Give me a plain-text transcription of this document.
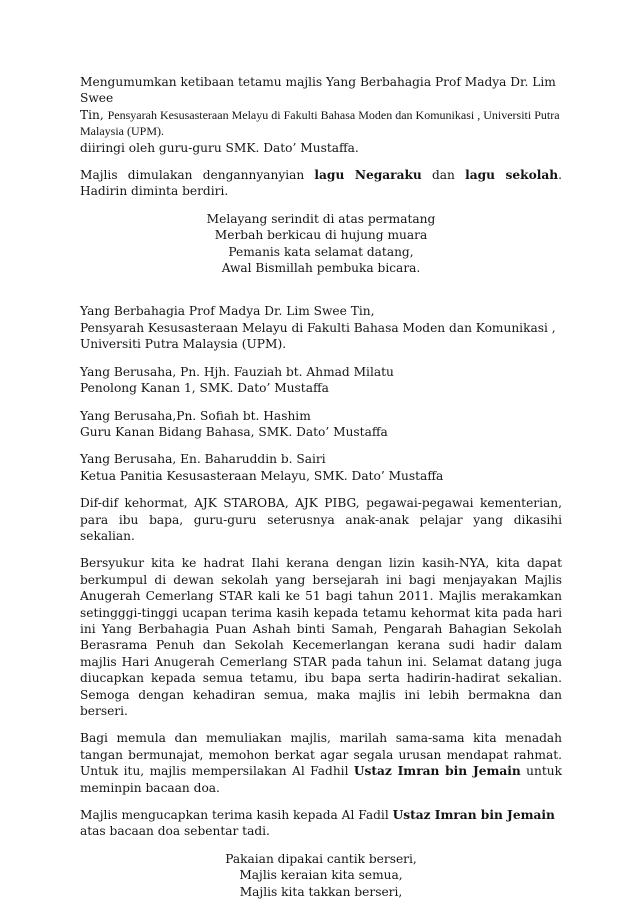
Mengumumkan ketibaan tetamu majlis Yang Berbahagia Prof Madya Dr. Lim Swee
Tin, Pensyarah Kesusasteraan Melayu di Fakulti Bahasa Moden dan Komunikasi , Universiti Putra Malaysia (UPM).
diiringi oleh guru-guru SMK. Dato’ Mustaffa.
Majlis dimulakan dengannyanyian lagu Negaraku dan lagu sekolah. Hadirin diminta berdiri.
Melayang serindit di atas permatang
Merbah berkicau di hujung muara
Pemanis kata selamat datang,
Awal Bismillah pembuka bicara.
Yang Berbahagia Prof Madya Dr. Lim Swee Tin,
Pensyarah Kesusasteraan Melayu di Fakulti Bahasa Moden dan Komunikasi ,
Universiti Putra Malaysia (UPM).
Yang Berusaha, Pn. Hjh. Fauziah bt. Ahmad Milatu
Penolong Kanan 1, SMK. Dato’ Mustaffa
Yang Berusaha,Pn. Sofiah bt. Hashim
Guru Kanan Bidang Bahasa, SMK. Dato’ Mustaffa
Yang Berusaha, En. Baharuddin b. Sairi
Ketua Panitia Kesusasteraan Melayu, SMK. Dato’ Mustaffa
Dif-dif kehormat, AJK STAROBA, AJK PIBG, pegawai-pegawai kementerian, para ibu bapa, guru-guru seterusnya anak-anak pelajar yang dikasihi sekalian.
Bersyukur kita ke hadrat Ilahi kerana dengan lizin kasih-NYA, kita dapat berkumpul di dewan sekolah yang bersejarah ini bagi menjayakan Majlis Anugerah Cemerlang STAR kali ke 51 bagi tahun 2011. Majlis merakamkan setingggi-tinggi ucapan terima kasih kepada tetamu kehormat kita pada hari ini Yang Berbahagia Puan Ashah binti Samah, Pengarah Bahagian Sekolah Berasrama Penuh dan Sekolah Kecemerlangan kerana sudi hadir dalam majlis Hari Anugerah Cemerlang STAR pada tahun ini. Selamat datang juga diucapkan kepada semua tetamu, ibu bapa serta hadirin-hadirat sekalian. Semoga dengan kehadiran semua, maka majlis ini lebih bermakna dan berseri.
Bagi memula dan memuliakan majlis, marilah sama-sama kita menadah tangan bermunajat, memohon berkat agar segala urusan mendapat rahmat. Untuk itu, majlis mempersilakan Al Fadhil Ustaz Imran bin Jemain untuk meminpin bacaan doa.
Majlis mengucapkan terima kasih kepada Al Fadil Ustaz Imran bin Jemain atas bacaan doa sebentar tadi.
Pakaian dipakai cantik berseri,
Majlis keraian kita semua,
Majlis kita takkan berseri,
